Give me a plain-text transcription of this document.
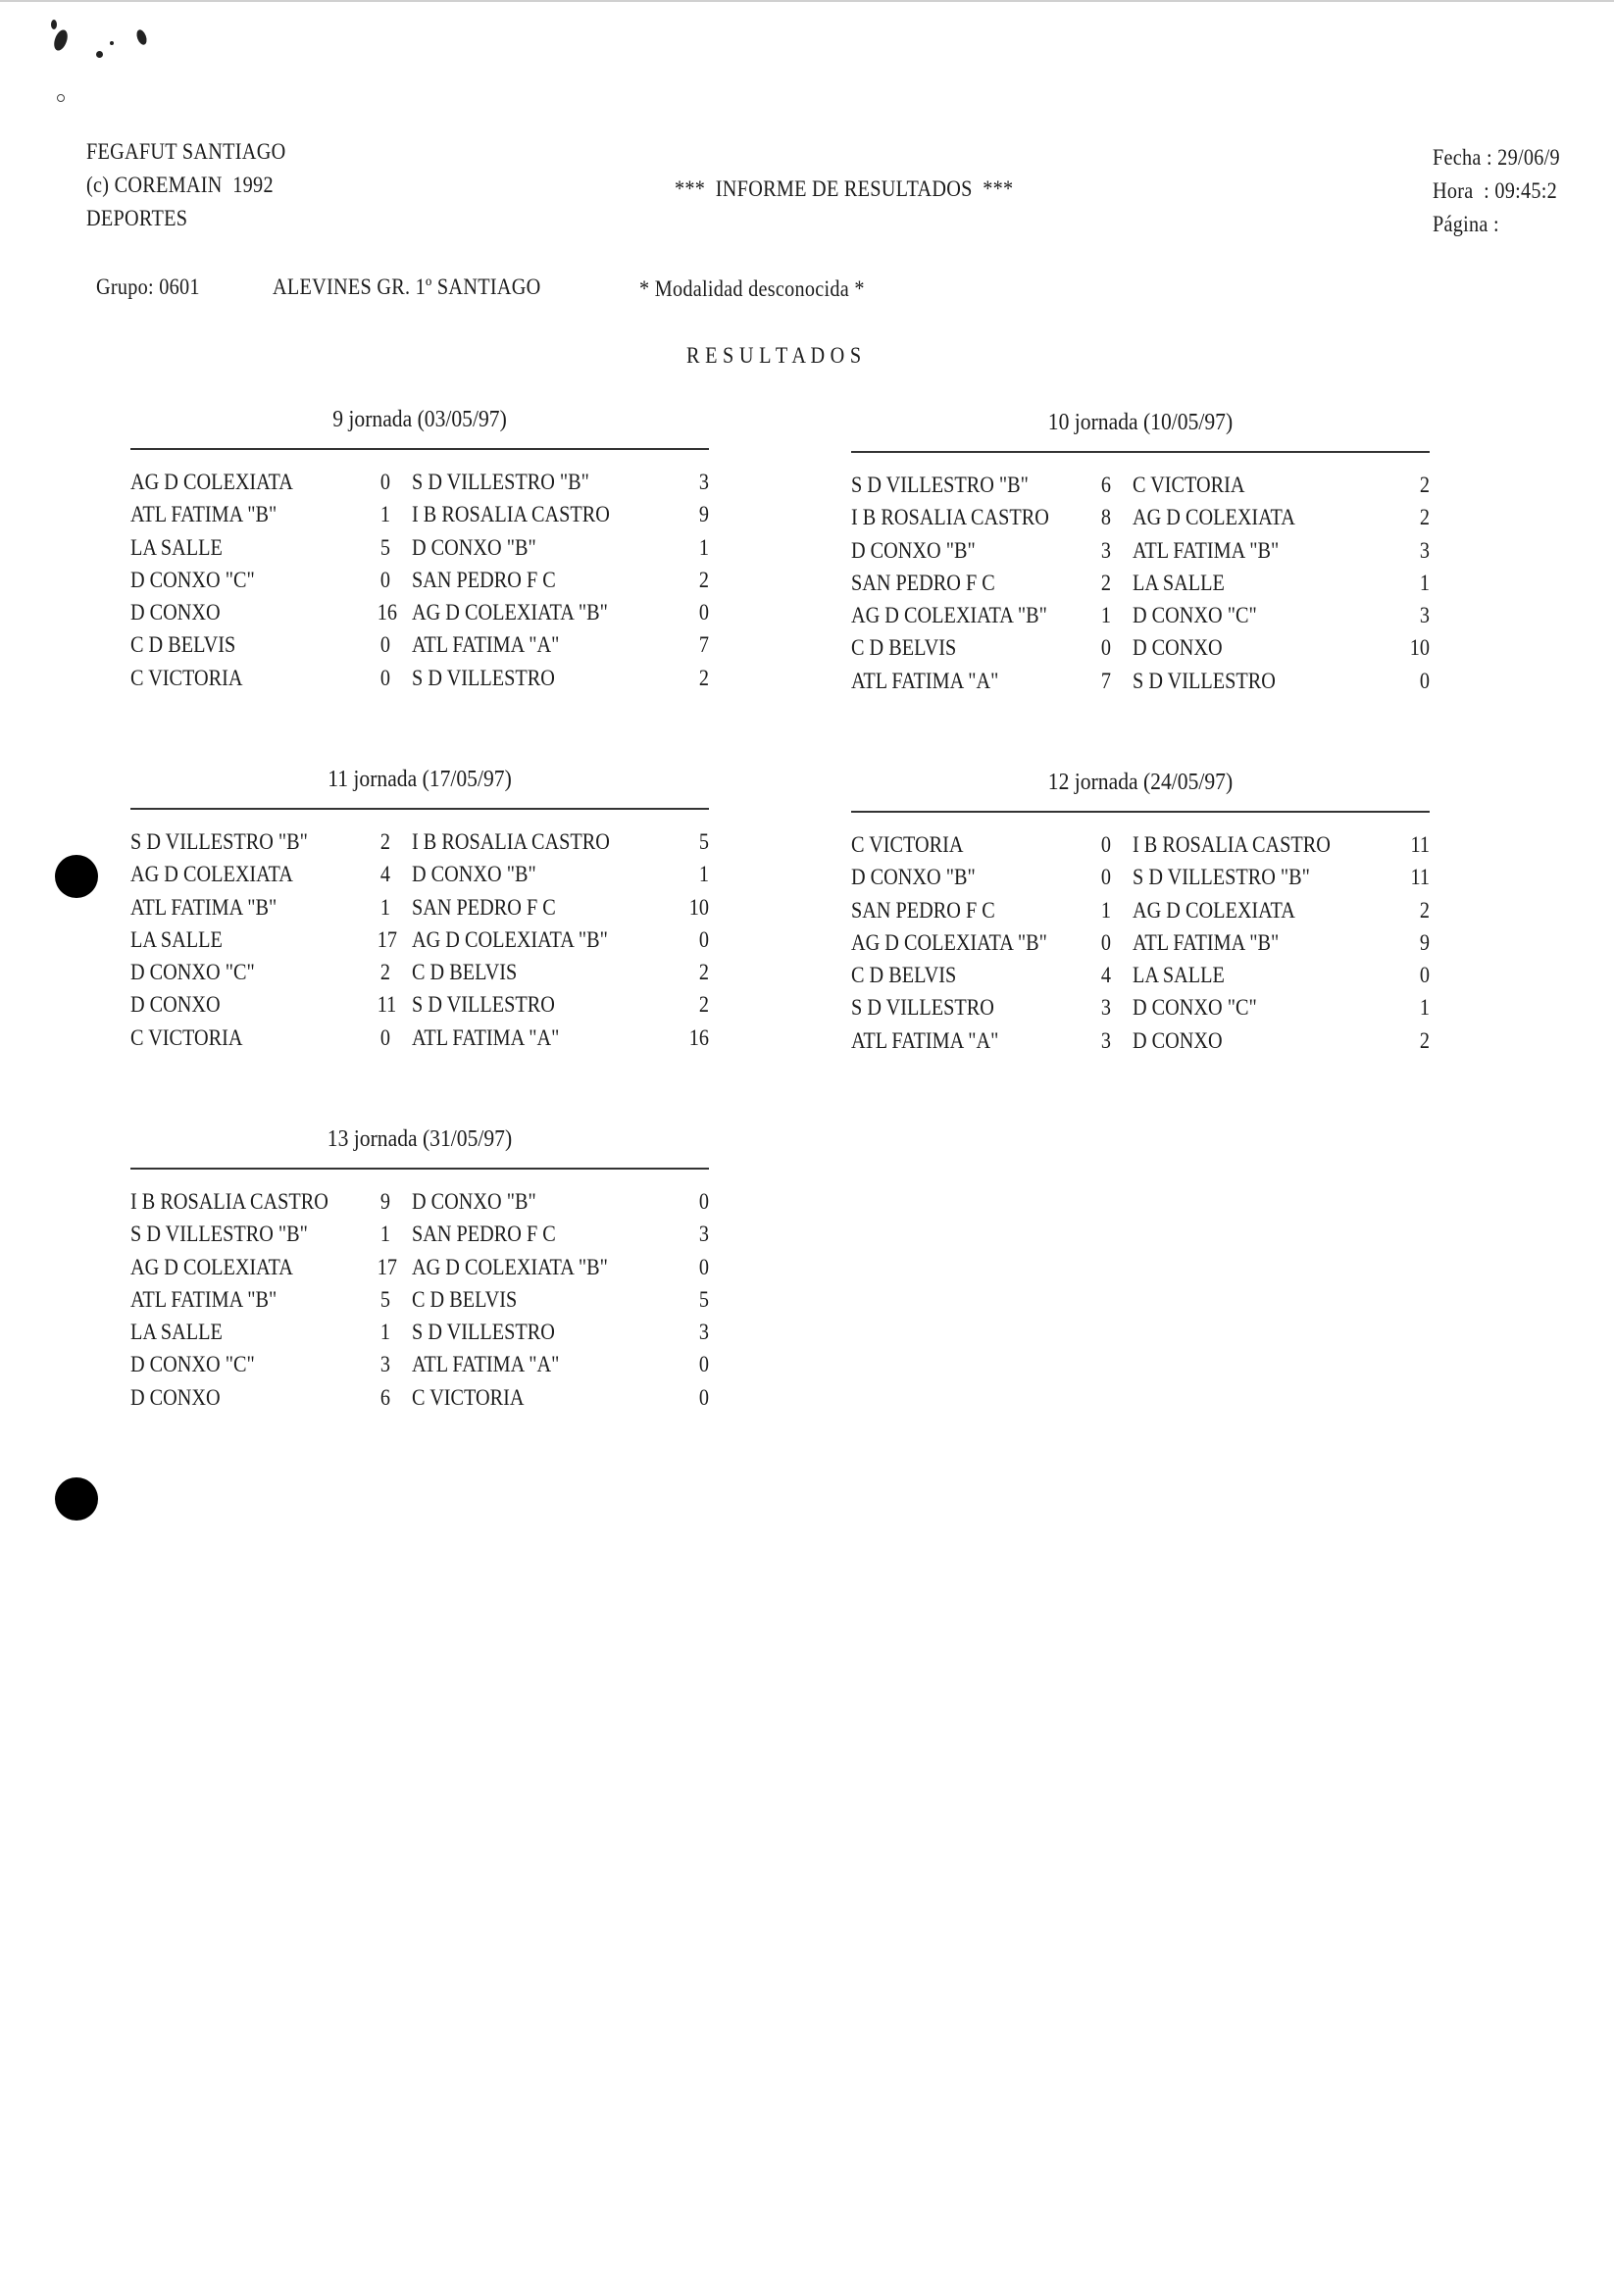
FEGAFUT SANTIAGO
(c) COREMAIN  1992
DEPORTES
***  INFORME DE RESULTADOS  ***
Fecha : 29/06/9
Hora  : 09:45:2
Página :
Grupo: 0601	ALEVINES GR. 1º SANTIAGO	* Modalidad desconocida *
R E S U L T A D O S
9 jornada (03/05/97)
AG D COLEXIATA	0 S D VILLESTRO "B"	3
ATL FATIMA "B"	1 I B ROSALIA CASTRO	9
LA SALLE	5 D CONXO "B"	1
D CONXO "C"	0 SAN PEDRO F C	2
D CONXO	16 AG D COLEXIATA "B"	0
C D BELVIS	0 ATL FATIMA "A"	7
C VICTORIA	0 S D VILLESTRO	2
10 jornada (10/05/97)
S D VILLESTRO "B"	6 C VICTORIA	2
I B ROSALIA CASTRO 8 AG D COLEXIATA	2
D CONXO "B"	3 ATL FATIMA "B"	3
SAN PEDRO F C	2 LA SALLE	1
AG D COLEXIATA "B" 1 D CONXO "C"	3
C D BELVIS	0 D CONXO	10
ATL FATIMA "A"	7 S D VILLESTRO	0
11 jornada (17/05/97)
S D VILLESTRO "B"	2 I B ROSALIA CASTRO	5
AG D COLEXIATA	4 D CONXO "B"	1
ATL FATIMA "B"	1 SAN PEDRO F C	10
LA SALLE	17 AG D COLEXIATA "B"	0
D CONXO "C"	2 C D BELVIS	2
D CONXO	11 S D VILLESTRO	2
C VICTORIA	0 ATL FATIMA "A"	16
12 jornada (24/05/97)
C VICTORIA	0 I B ROSALIA CASTRO	11
D CONXO "B"	0 S D VILLESTRO "B"	11
SAN PEDRO F C	1 AG D COLEXIATA	2
AG D COLEXIATA "B" 0 ATL FATIMA "B"	9
C D BELVIS	4 LA SALLE	0
S D VILLESTRO	3 D CONXO "C"	1
ATL FATIMA "A"	3 D CONXO	2
13 jornada (31/05/97)
I B ROSALIA CASTRO 9 D CONXO "B"	0
S D VILLESTRO "B"	1 SAN PEDRO F C	3
AG D COLEXIATA	17 AG D COLEXIATA "B"	0
ATL FATIMA "B"	5 C D BELVIS	5
LA SALLE	1 S D VILLESTRO	3
D CONXO "C"	3 ATL FATIMA "A"	0
D CONXO	6 C VICTORIA	0
